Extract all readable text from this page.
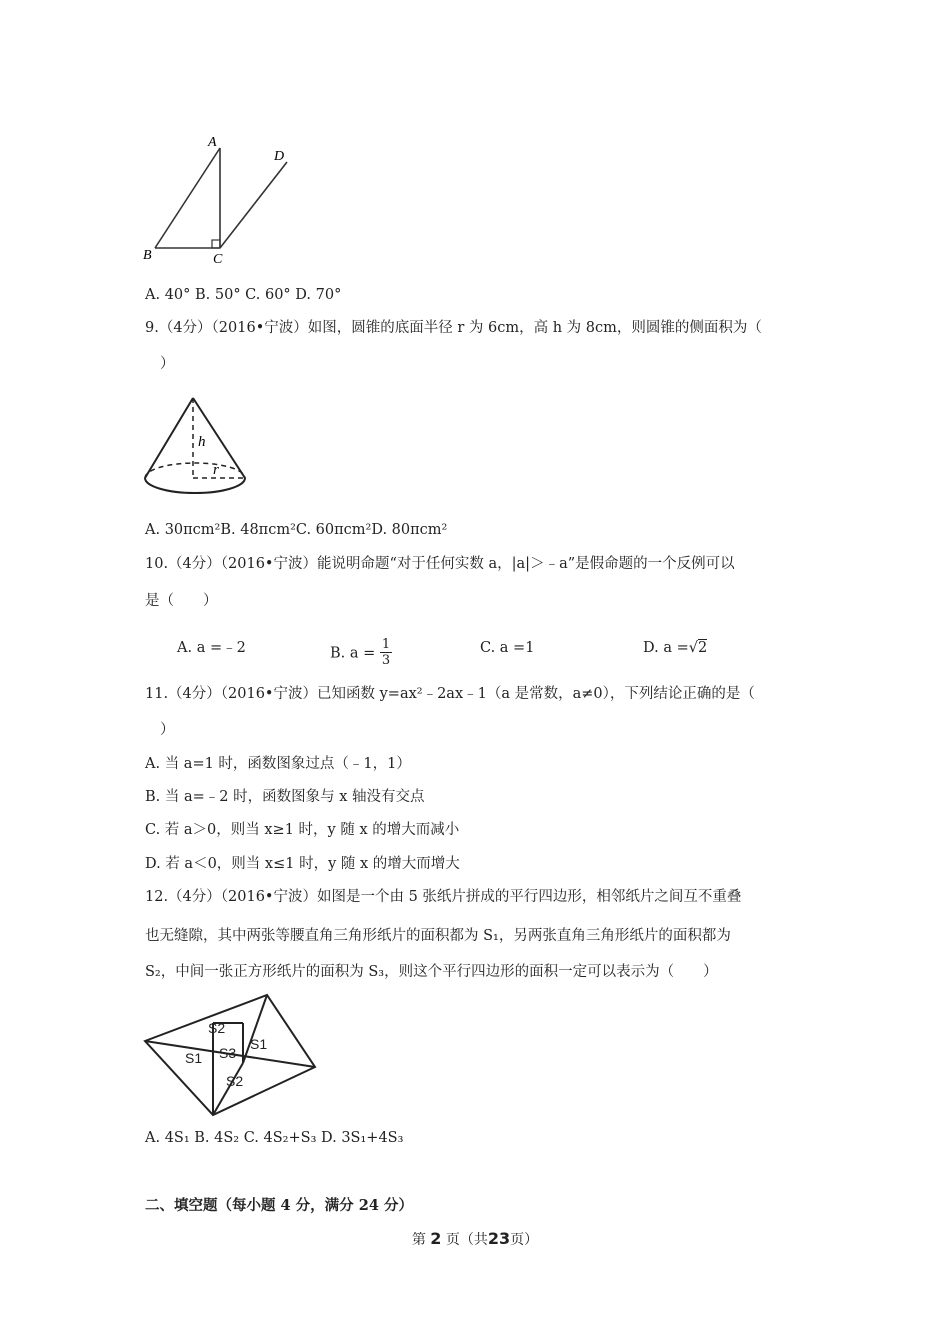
A
D
B	C
A. 40° B. 50° C. 60° D. 70°
9.（4分）（2016•宁波）如图，圆锥的底面半径 r 为 6cm，高 h 为 8cm，则圆锥的侧面积为（
）
h
r
A. 30πcm²B. 48πcm²C. 60πcm²D. 80πcm²
10.（4分）（2016•宁波）能说明命题“对于任何实数 a，|a|＞﹣a”是假命题的一个反例可以
是（　　）
A. a =﹣2	B. $a = \frac{1}{3}$	C. a =1	D. a =√2
11.（4分）（2016•宁波）已知函数 y=ax²﹣2ax﹣1（a 是常数，a≠0），下列结论正确的是（
）
A. 当 a=1 时，函数图象过点（﹣1，1）
B. 当 a=﹣2 时，函数图象与 x 轴没有交点
C. 若 a＞0，则当 x≥1 时，y 随 x 的增大而减小
D. 若 a＜0，则当 x≤1 时，y 随 x 的增大而增大
12.（4分）（2016•宁波）如图是一个由 5 张纸片拼成的平行四边形，相邻纸片之间互不重叠
也无缝隙，其中两张等腰直角三角形纸片的面积都为 S₁，另两张直角三角形纸片的面积都为
S₂，中间一张正方形纸片的面积为 S₃，则这个平行四边形的面积一定可以表示为（　　）
S2
S1 S3
S1
S2
A. 4S₁ B. 4S₂ C. 4S₂+S₃ D. 3S₁+4S₃
二、填空题（每小题 4 分，满分 24 分）
第 2 页（共23页）
